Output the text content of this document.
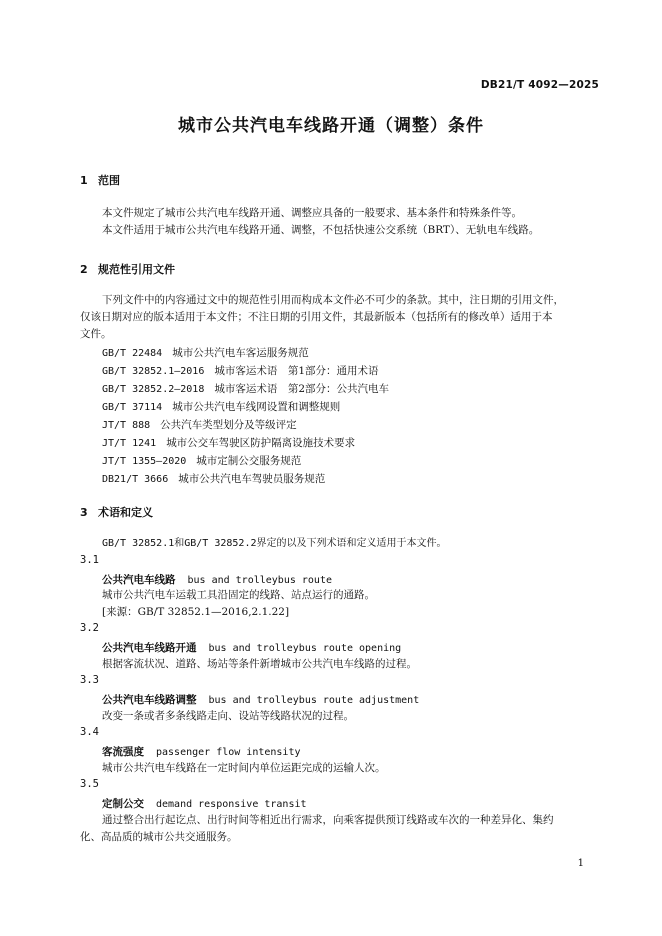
DB21/T 4092—2025
城市公共汽电车线路开通（调整）条件
1 范围
本文件规定了城市公共汽电车线路开通、调整应具备的一般要求、基本条件和特殊条件等。
本文件适用于城市公共汽电车线路开通、调整，不包括快速公交系统（BRT）、无轨电车线路。
2 规范性引用文件
下列文件中的内容通过文中的规范性引用而构成本文件必不可少的条款。其中，注日期的引用文件，
仅该日期对应的版本适用于本文件；不注日期的引用文件，其最新版本（包括所有的修改单）适用于本
文件。
GB/T 22484 城市公共汽电车客运服务规范
GB/T 32852.1—2016 城市客运术语　第1部分：通用术语
GB/T 32852.2—2018 城市客运术语　第2部分：公共汽电车
GB/T 37114 城市公共汽电车线网设置和调整规则
JT/T 888 公共汽车类型划分及等级评定
JT/T 1241 城市公交车驾驶区防护隔离设施技术要求
JT/T 1355—2020 城市定制公交服务规范
DB21/T 3666 城市公共汽电车驾驶员服务规范
3 术语和定义
GB/T 32852.1和GB/T 32852.2界定的以及下列术语和定义适用于本文件。
3.1
公共汽电车线路 bus and trolleybus route
城市公共汽电车运载工具沿固定的线路、站点运行的通路。
[来源：GB/T 32852.1—2016,2.1.22]
3.2
公共汽电车线路开通 bus and trolleybus route opening
根据客流状况、道路、场站等条件新增城市公共汽电车线路的过程。
3.3
公共汽电车线路调整 bus and trolleybus route adjustment
改变一条或者多条线路走向、设站等线路状况的过程。
3.4
客流强度 passenger flow intensity
城市公共汽电车线路在一定时间内单位运距完成的运输人次。
3.5
定制公交 demand responsive transit
通过整合出行起讫点、出行时间等相近出行需求，向乘客提供预订线路或车次的一种差异化、集约
化、高品质的城市公共交通服务。
1
